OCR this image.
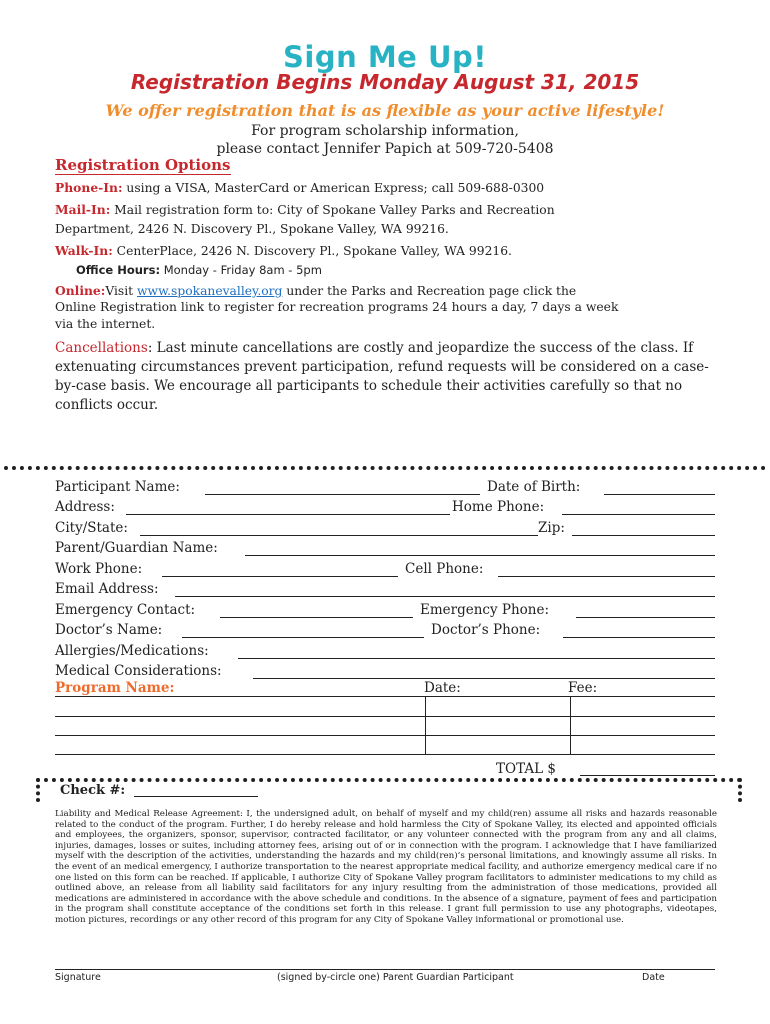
Sign Me Up!
Registration Begins Monday August 31, 2015
We offer registration that is as flexible as your active lifestyle!
For program scholarship information,
please contact Jennifer Papich at 509-720-5408
Registration Options
Phone-In: using a VISA, MasterCard or American Express; call 509-688-0300
Mail-In: Mail registration form to: City of Spokane Valley Parks and Recreation
Department, 2426 N. Discovery Pl., Spokane Valley, WA 99216.
Walk-In: CenterPlace, 2426 N. Discovery Pl., Spokane Valley, WA 99216.
Office Hours: Monday - Friday 8am - 5pm
Online:Visit www.spokanevalley.org under the Parks and Recreation page click the
Online Registration link to register for recreation programs 24 hours a day, 7 days a week
via the internet.
Cancellations: Last minute cancellations are costly and jeopardize the success of the class. If extenuating circumstances prevent participation, refund requests will be considered on a case-by-case basis. We encourage all participants to schedule their activities carefully so that no conflicts occur.
Participant Name:	Date of Birth:
Address:	Home Phone:
City/State:	Zip:
Parent/Guardian Name:
Work Phone:	Cell Phone:
Email Address:
Emergency Contact:	Emergency Phone:
Doctor’s Name:	Doctor’s Phone:
Allergies/Medications:
Medical Considerations:
Program Name:	Date:	Fee:
TOTAL $
Check #:
Liability and Medical Release Agreement: I, the undersigned adult, on behalf of myself and my child(ren) assume all risks and hazards reasonable related to the conduct of the program. Further, I do hereby release and hold harmless the City of Spokane Valley, its elected and appointed officials and employees, the organizers, sponsor, supervisor, contracted facilitator, or any volunteer connected with the program from any and all claims, injuries, damages, losses or suites, including attorney fees, arising out of or in connection with the program. I acknowledge that I have familiarized myself with the description of the activities, understanding the hazards and my child(ren)’s personal limitations, and knowingly assume all risks. In the event of an medical emergency, I authorize transportation to the nearest appropriate medical facility, and authorize emergency medical care if no one listed on this form can be reached. If applicable, I authorize City of Spokane Valley program facilitators to administer medications to my child as outlined above, an release from all liability said facilitators for any injury resulting from the administration of those medications, provided all medications are administered in accordance with the above schedule and conditions. In the absence of a signature, payment of fees and participation in the program shall constitute acceptance of the conditions set forth in this release. I grant full permission to use any photographs, videotapes, motion pictures, recordings or any other record of this program for any City of Spokane Valley informational or promotional use.
Signature	(signed by-circle one) Parent Guardian Participant	Date
